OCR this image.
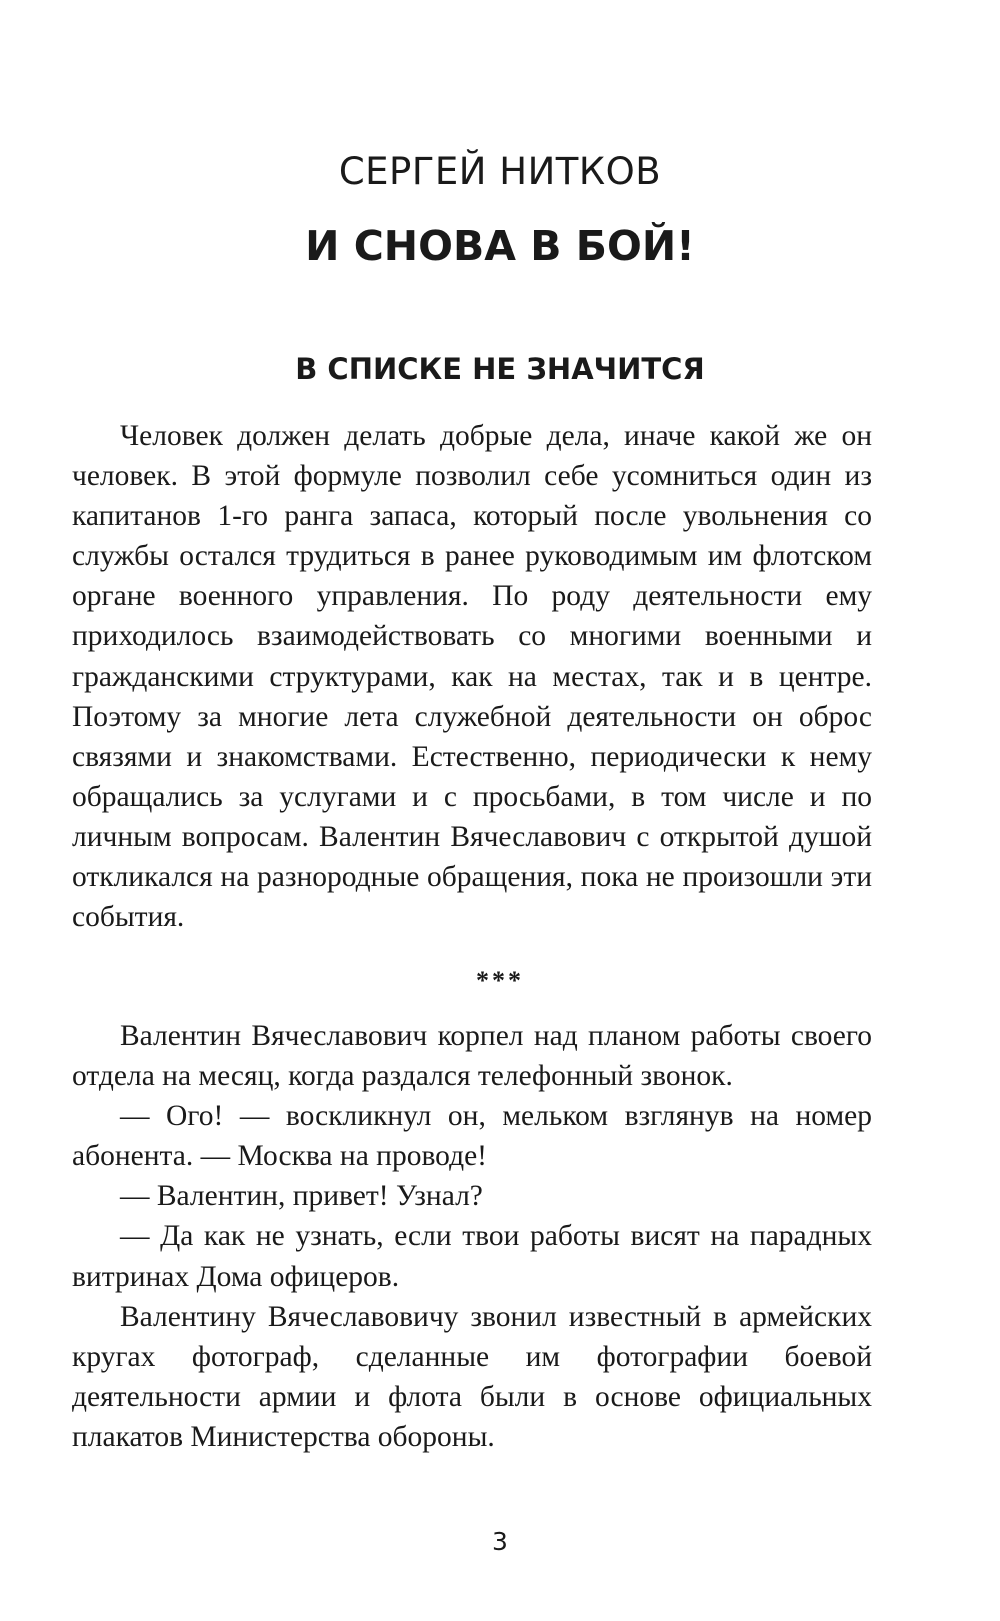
СЕРГЕЙ НИТКОВ
И СНОВА В БОЙ!
В СПИСКЕ НЕ ЗНАЧИТСЯ

Человек должен делать добрые дела, иначе какой же он человек. В этой формуле позволил себе усомниться один из капитанов 1-го ранга запаса, который после увольнения со службы остался трудиться в ранее руководимым им флотском органе военного управления. По роду деятельности ему приходилось взаимодействовать со многими военными и гражданскими структурами, как на местах, так и в центре. Поэтому за многие лета служебной деятельности он оброс связями и знакомствами. Естественно, периодически к нему обращались за услугами и с просьбами, в том числе и по личным вопросам. Валентин Вячеславович с открытой душой откликался на разнородные обращения, пока не произошли эти события.

***

Валентин Вячеславович корпел над планом работы своего отдела на месяц, когда раздался телефонный звонок.

— Ого! — воскликнул он, мельком взглянув на номер абонента. — Москва на проводе!

— Валентин, привет! Узнал?

— Да как не узнать, если твои работы висят на парадных витринах Дома офицеров.

Валентину Вячеславовичу звонил известный в армейских кругах фотограф, сделанные им фотографии боевой деятельности армии и флота были в основе официальных плакатов Министерства обороны.

3
